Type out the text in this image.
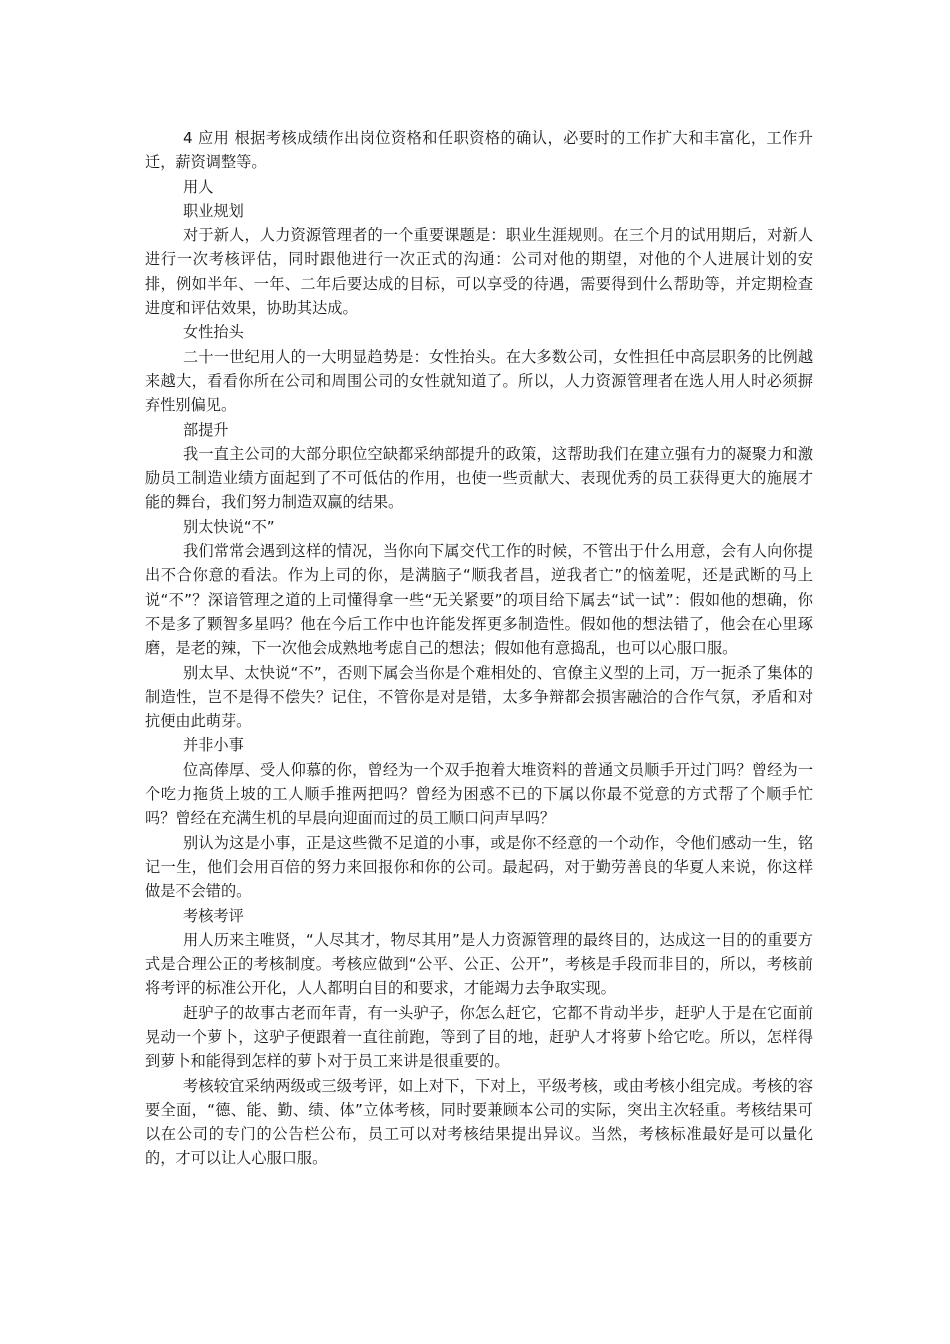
4 应用 根据考核成绩作出岗位资格和任职资格的确认，必要时的工作扩大和丰富化，工作升迁，薪资调整等。

用人

职业规划

对于新人，人力资源管理者的一个重要课题是：职业生涯规则。在三个月的试用期后，对新人进行一次考核评估，同时跟他进行一次正式的沟通：公司对他的期望，对他的个人进展计划的安排，例如半年、一年、二年后要达成的目标，可以享受的待遇，需要得到什么帮助等，并定期检查进度和评估效果，协助其达成。

女性抬头

二十一世纪用人的一大明显趋势是：女性抬头。在大多数公司，女性担任中高层职务的比例越来越大，看看你所在公司和周围公司的女性就知道了。所以，人力资源管理者在选人用人时必须摒弃性别偏见。

部提升

我一直主公司的大部分职位空缺都采纳部提升的政策，这帮助我们在建立强有力的凝聚力和激励员工制造业绩方面起到了不可低估的作用，也使一些贡献大、表现优秀的员工获得更大的施展才能的舞台，我们努力制造双赢的结果。

别太快说“不”

我们常常会遇到这样的情况，当你向下属交代工作的时候，不管出于什么用意，会有人向你提出不合你意的看法。作为上司的你，是满脑子“顺我者昌，逆我者亡”的恼羞呢，还是武断的马上说“不”？深谙管理之道的上司懂得拿一些“无关紧要”的项目给下属去“试一试”：假如他的想确，你不是多了颗智多星吗？他在今后工作中也许能发挥更多制造性。假如他的想法错了，他会在心里琢磨，是老的辣，下一次他会成熟地考虑自己的想法；假如他有意捣乱，也可以心服口服。

别太早、太快说“不”，否则下属会当你是个难相处的、官僚主义型的上司，万一扼杀了集体的制造性，岂不是得不偿失？记住，不管你是对是错，太多争辩都会损害融洽的合作气氛，矛盾和对抗便由此萌芽。

并非小事

位高俸厚、受人仰慕的你，曾经为一个双手抱着大堆资料的普通文员顺手开过门吗？曾经为一个吃力拖货上坡的工人顺手推两把吗？曾经为困惑不已的下属以你最不觉意的方式帮了个顺手忙吗？曾经在充满生机的早晨向迎面而过的员工顺口问声早吗？

别认为这是小事，正是这些微不足道的小事，或是你不经意的一个动作，令他们感动一生，铭记一生，他们会用百倍的努力来回报你和你的公司。最起码，对于勤劳善良的华夏人来说，你这样做是不会错的。

考核考评

用人历来主唯贤，“人尽其才，物尽其用”是人力资源管理的最终目的，达成这一目的的重要方式是合理公正的考核制度。考核应做到“公平、公正、公开”，考核是手段而非目的，所以，考核前将考评的标准公开化，人人都明白目的和要求，才能竭力去争取实现。

赶驴子的故事古老而年青，有一头驴子，你怎么赶它，它都不肯动半步，赶驴人于是在它面前晃动一个萝卜，这驴子便跟着一直往前跑，等到了目的地，赶驴人才将萝卜给它吃。所以，怎样得到萝卜和能得到怎样的萝卜对于员工来讲是很重要的。

考核较宜采纳两级或三级考评，如上对下，下对上，平级考核，或由考核小组完成。考核的容要全面，“德、能、勤、绩、体”立体考核，同时要兼顾本公司的实际，突出主次轻重。考核结果可以在公司的专门的公告栏公布，员工可以对考核结果提出异议。当然，考核标准最好是可以量化的，才可以让人心服口服。
